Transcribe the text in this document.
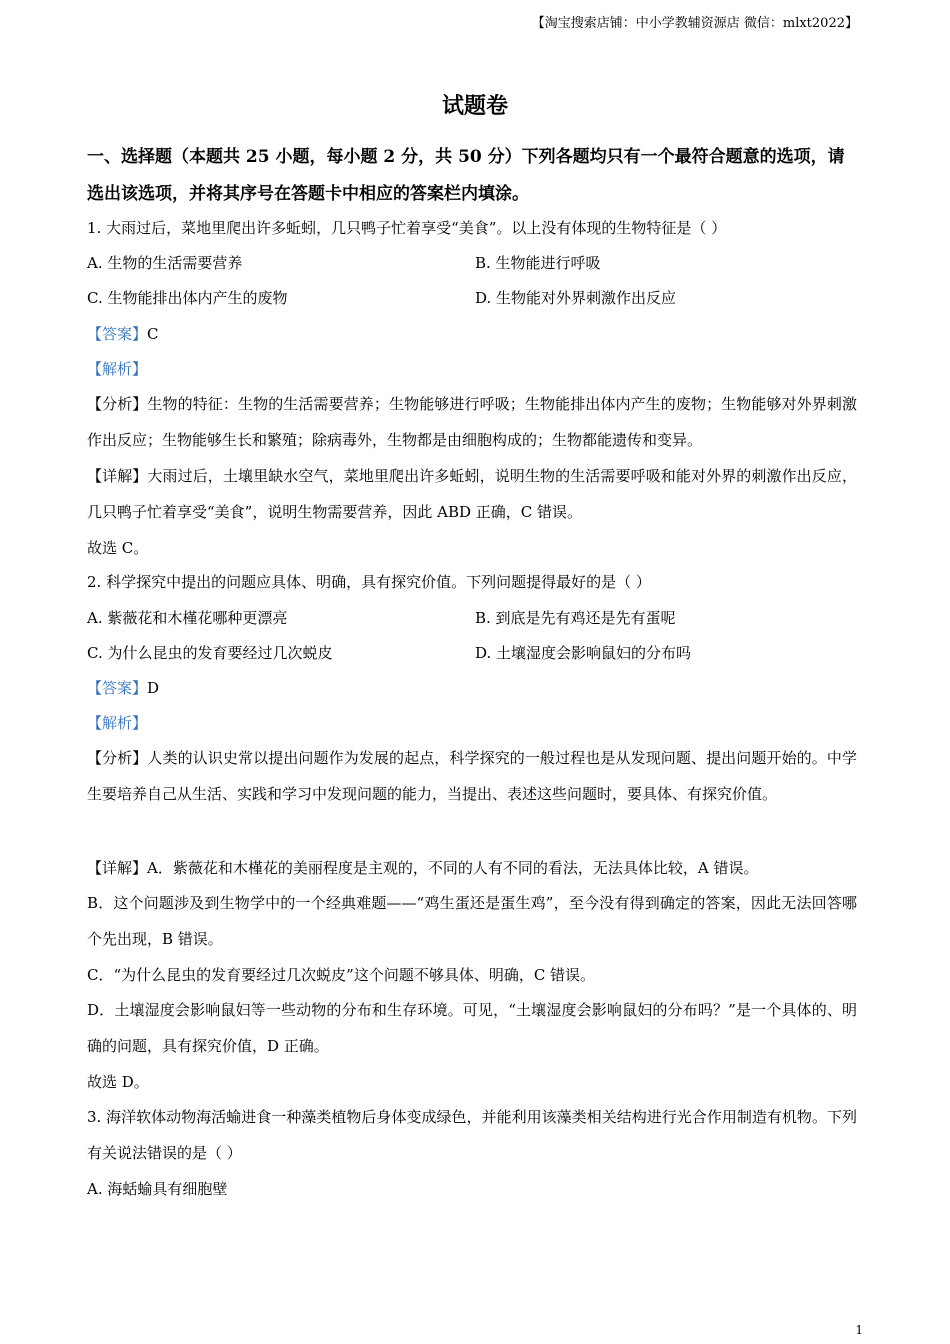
【淘宝搜索店铺：中小学教辅资源店 微信：mlxt2022】
试题卷
一、选择题（本题共 25 小题，每小题 2 分，共 50 分）下列各题均只有一个最符合题意的选项，请选出该选项，并将其序号在答题卡中相应的答案栏内填涂。
1. 大雨过后，菜地里爬出许多蚯蚓，几只鸭子忙着享受“美食”。以上没有体现的生物特征是（ ）
A. 生物的生活需要营养	B. 生物能进行呼吸
C. 生物能排出体内产生的废物	D. 生物能对外界刺激作出反应
【答案】C
【解析】
【分析】生物的特征：生物的生活需要营养；生物能够进行呼吸；生物能排出体内产生的废物；生物能够对外界刺激作出反应；生物能够生长和繁殖；除病毒外，生物都是由细胞构成的；生物都能遗传和变异。
【详解】大雨过后，土壤里缺水空气，菜地里爬出许多蚯蚓，说明生物的生活需要呼吸和能对外界的刺激作出反应，几只鸭子忙着享受“美食”，说明生物需要营养，因此 ABD 正确，C 错误。
故选 C。
2. 科学探究中提出的问题应具体、明确，具有探究价值。下列问题提得最好的是（ ）
A. 紫薇花和木槿花哪种更漂亮	B. 到底是先有鸡还是先有蛋呢
C. 为什么昆虫的发育要经过几次蜕皮	D. 土壤湿度会影响鼠妇的分布吗
【答案】D
【解析】
【分析】人类的认识史常以提出问题作为发展的起点，科学探究的一般过程也是从发现问题、提出问题开始的。中学生要培养自己从生活、实践和学习中发现问题的能力，当提出、表述这些问题时，要具体、有探究价值。
【详解】A．紫薇花和木槿花的美丽程度是主观的，不同的人有不同的看法，无法具体比较，A 错误。
B．这个问题涉及到生物学中的一个经典难题——“鸡生蛋还是蛋生鸡”，至今没有得到确定的答案，因此无法回答哪个先出现，B 错误。
C．“为什么昆虫的发育要经过几次蜕皮”这个问题不够具体、明确，C 错误。
D．土壤湿度会影响鼠妇等一些动物的分布和生存环境。可见，“土壤湿度会影响鼠妇的分布吗？”是一个具体的、明确的问题，具有探究价值，D 正确。
故选 D。
3. 海洋软体动物海活蝓进食一种藻类植物后身体变成绿色，并能利用该藻类相关结构进行光合作用制造有机物。下列有关说法错误的是（ ）
A. 海蛞蝓具有细胞壁
1
